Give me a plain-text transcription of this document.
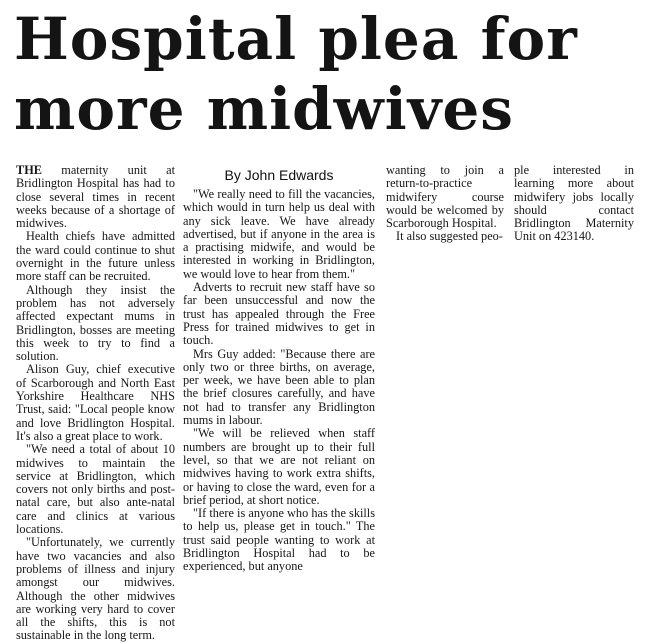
Hospital plea for
more midwives

THE maternity unit at Bridlington Hospital has had to close several times in recent weeks because of a shortage of midwives.

Health chiefs have admitted the ward could continue to shut overnight in the future unless more staff can be recruited.

Although they insist the problem has not adversely affected expectant mums in Bridlington, bosses are meeting this week to try to find a solution.

Alison Guy, chief executive of Scarborough and North East Yorkshire Healthcare NHS Trust, said: "Local people know and love Bridlington Hospital. It's also a great place to work.

"We need a total of about 10 midwives to maintain the service at Bridlington, which covers not only births and post-natal care, but also ante-natal care and clinics at various locations.

"Unfortunately, we currently have two vacancies and also problems of illness and injury amongst our midwives. Although the other midwives are working very hard to cover all the shifts, this is not sustainable in the long term.

By John Edwards

"We really need to fill the vacancies, which would in turn help us deal with any sick leave. We have already advertised, but if anyone in the area is a practising midwife, and would be interested in working in Bridlington, we would love to hear from them."

Adverts to recruit new staff have so far been unsuccessful and now the trust has appealed through the Free Press for trained midwives to get in touch.

Mrs Guy added: "Because there are only two or three births, on average, per week, we have been able to plan the brief closures carefully, and have not had to transfer any Bridlington mums in labour.

"We will be relieved when staff numbers are brought up to their full level, so that we are not reliant on midwives having to work extra shifts, or having to close the ward, even for a brief period, at short notice.

"If there is anyone who has the skills to help us, please get in touch." The trust said people wanting to work at Bridlington Hospital had to be experienced, but anyone

wanting to join a return-to-practice midwifery course would be welcomed by Scarborough Hospital.

It also suggested peo-

ple interested in learning more about midwifery jobs locally should contact Bridlington Maternity Unit on 423140.
